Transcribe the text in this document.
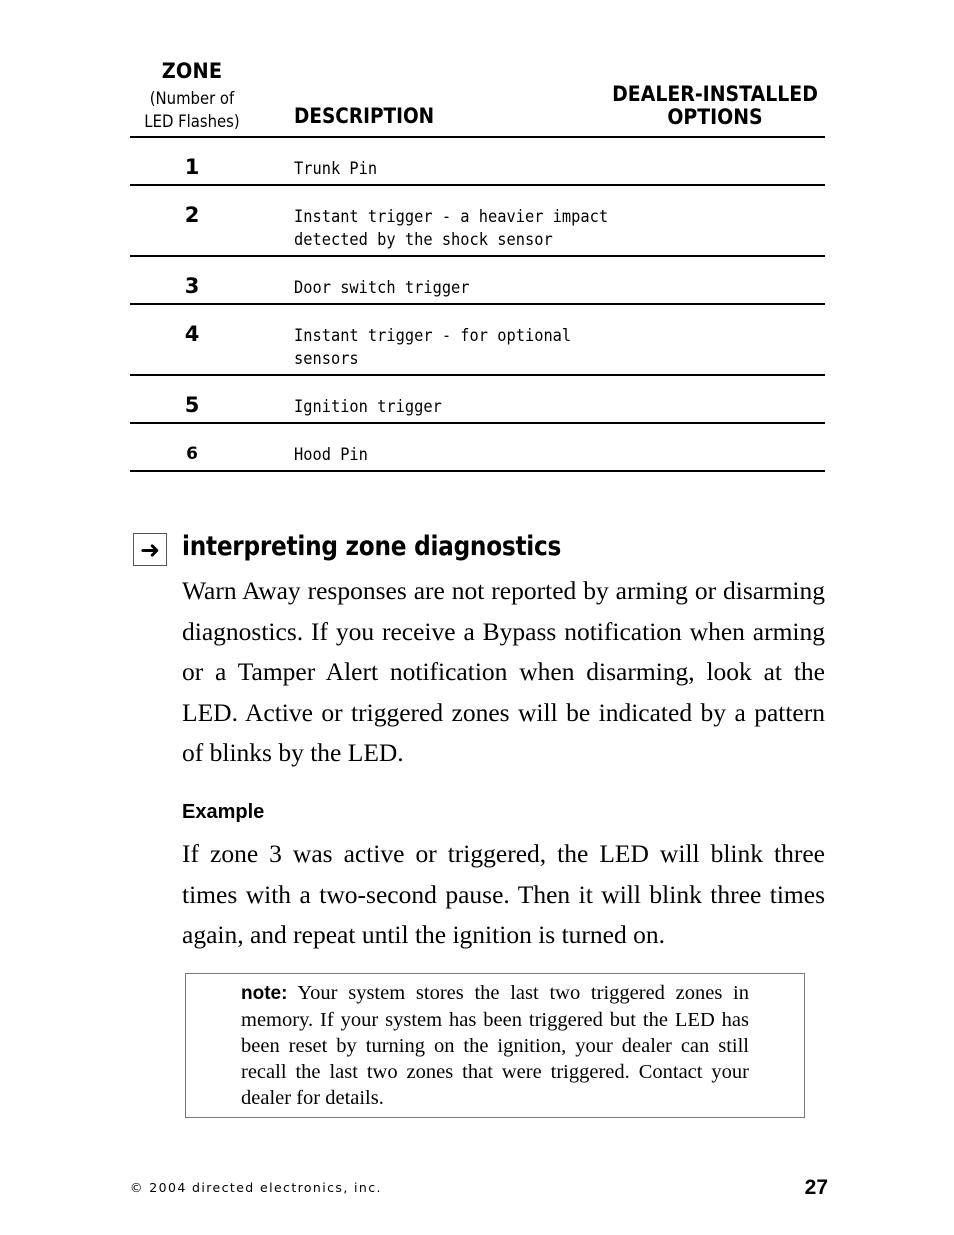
ZONE
(Number of
LED Flashes)	DESCRIPTION
DEALER-INSTALLED
OPTIONS
1	Trunk Pin
2	Instant trigger - a heavier impact
detected by the shock sensor
3	Door switch trigger
4	Instant trigger - for optional
sensors
5	Ignition trigger
6	Hood Pin
➜ interpreting zone diagnostics
Warn Away responses are not reported by arming or disarming diagnostics. If you receive a Bypass notification when arming or a Tamper Alert notification when disarming, look at the LED. Active or triggered zones will be indicated by a pattern of blinks by the LED.
Example
If zone 3 was active or triggered, the LED will blink three times with a two-second pause. Then it will blink three times again, and repeat until the ignition is turned on.
note: Your system stores the last two triggered zones in memory. If your system has been triggered but the LED has been reset by turning on the ignition, your dealer can still recall the last two zones that were triggered. Contact your dealer for details.
© 2004 directed electronics, inc.	27
